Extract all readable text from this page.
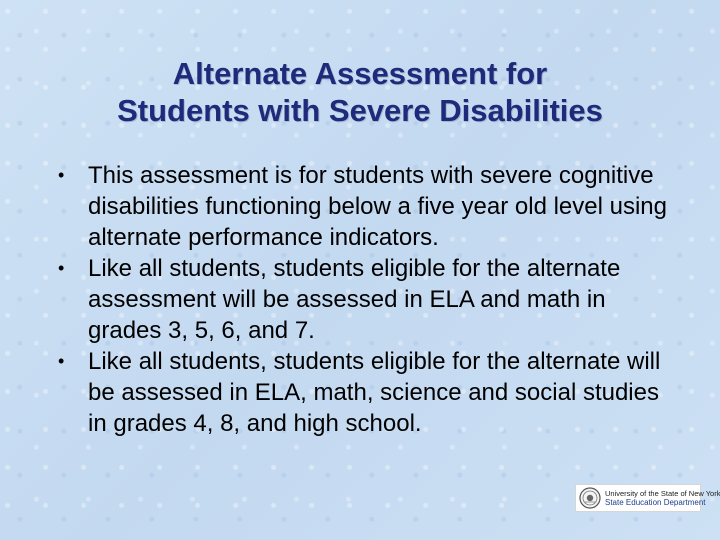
Alternate Assessment for
Students with Severe Disabilities
• This assessment is for students with severe cognitive disabilities functioning below a five year old level using alternate performance indicators.
• Like all students, students eligible for the alternate assessment will be assessed in ELA and math in grades 3, 5, 6, and 7.
• Like all students, students eligible for the alternate will be assessed in ELA, math, science and social studies in grades 4, 8, and high school.
University of the State of New York
State Education Department
